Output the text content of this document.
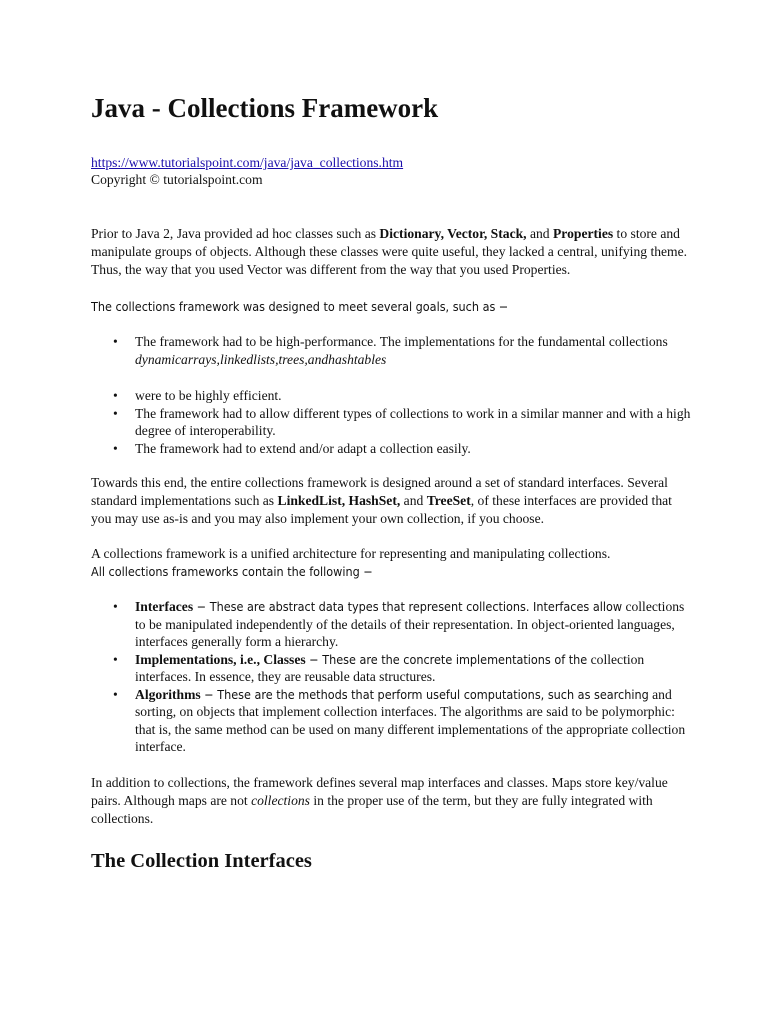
Java - Collections Framework
https://www.tutorialspoint.com/java/java_collections.htm
Copyright © tutorialspoint.com

Prior to Java 2, Java provided ad hoc classes such as Dictionary, Vector, Stack, and Properties to store and manipulate groups of objects. Although these classes were quite useful, they lacked a central, unifying theme. Thus, the way that you used Vector was different from the way that you used Properties.

The collections framework was designed to meet several goals, such as −

• The framework had to be high-performance. The implementations for the fundamental collections dynamicarrays,linkedlists,trees,andhashtables
• were to be highly efficient.
• The framework had to allow different types of collections to work in a similar manner and with a high degree of interoperability.
• The framework had to extend and/or adapt a collection easily.

Towards this end, the entire collections framework is designed around a set of standard interfaces. Several standard implementations such as LinkedList, HashSet, and TreeSet, of these interfaces are provided that you may use as-is and you may also implement your own collection, if you choose.

A collections framework is a unified architecture for representing and manipulating collections.

All collections frameworks contain the following −

• Interfaces − These are abstract data types that represent collections. Interfaces allow collections to be manipulated independently of the details of their representation. In object-oriented languages, interfaces generally form a hierarchy.
• Implementations, i.e., Classes − These are the concrete implementations of the collection interfaces. In essence, they are reusable data structures.
• Algorithms − These are the methods that perform useful computations, such as searching and sorting, on objects that implement collection interfaces. The algorithms are said to be polymorphic: that is, the same method can be used on many different implementations of the appropriate collection interface.

In addition to collections, the framework defines several map interfaces and classes. Maps store key/value pairs. Although maps are not collections in the proper use of the term, but they are fully integrated with collections.

The Collection Interfaces
